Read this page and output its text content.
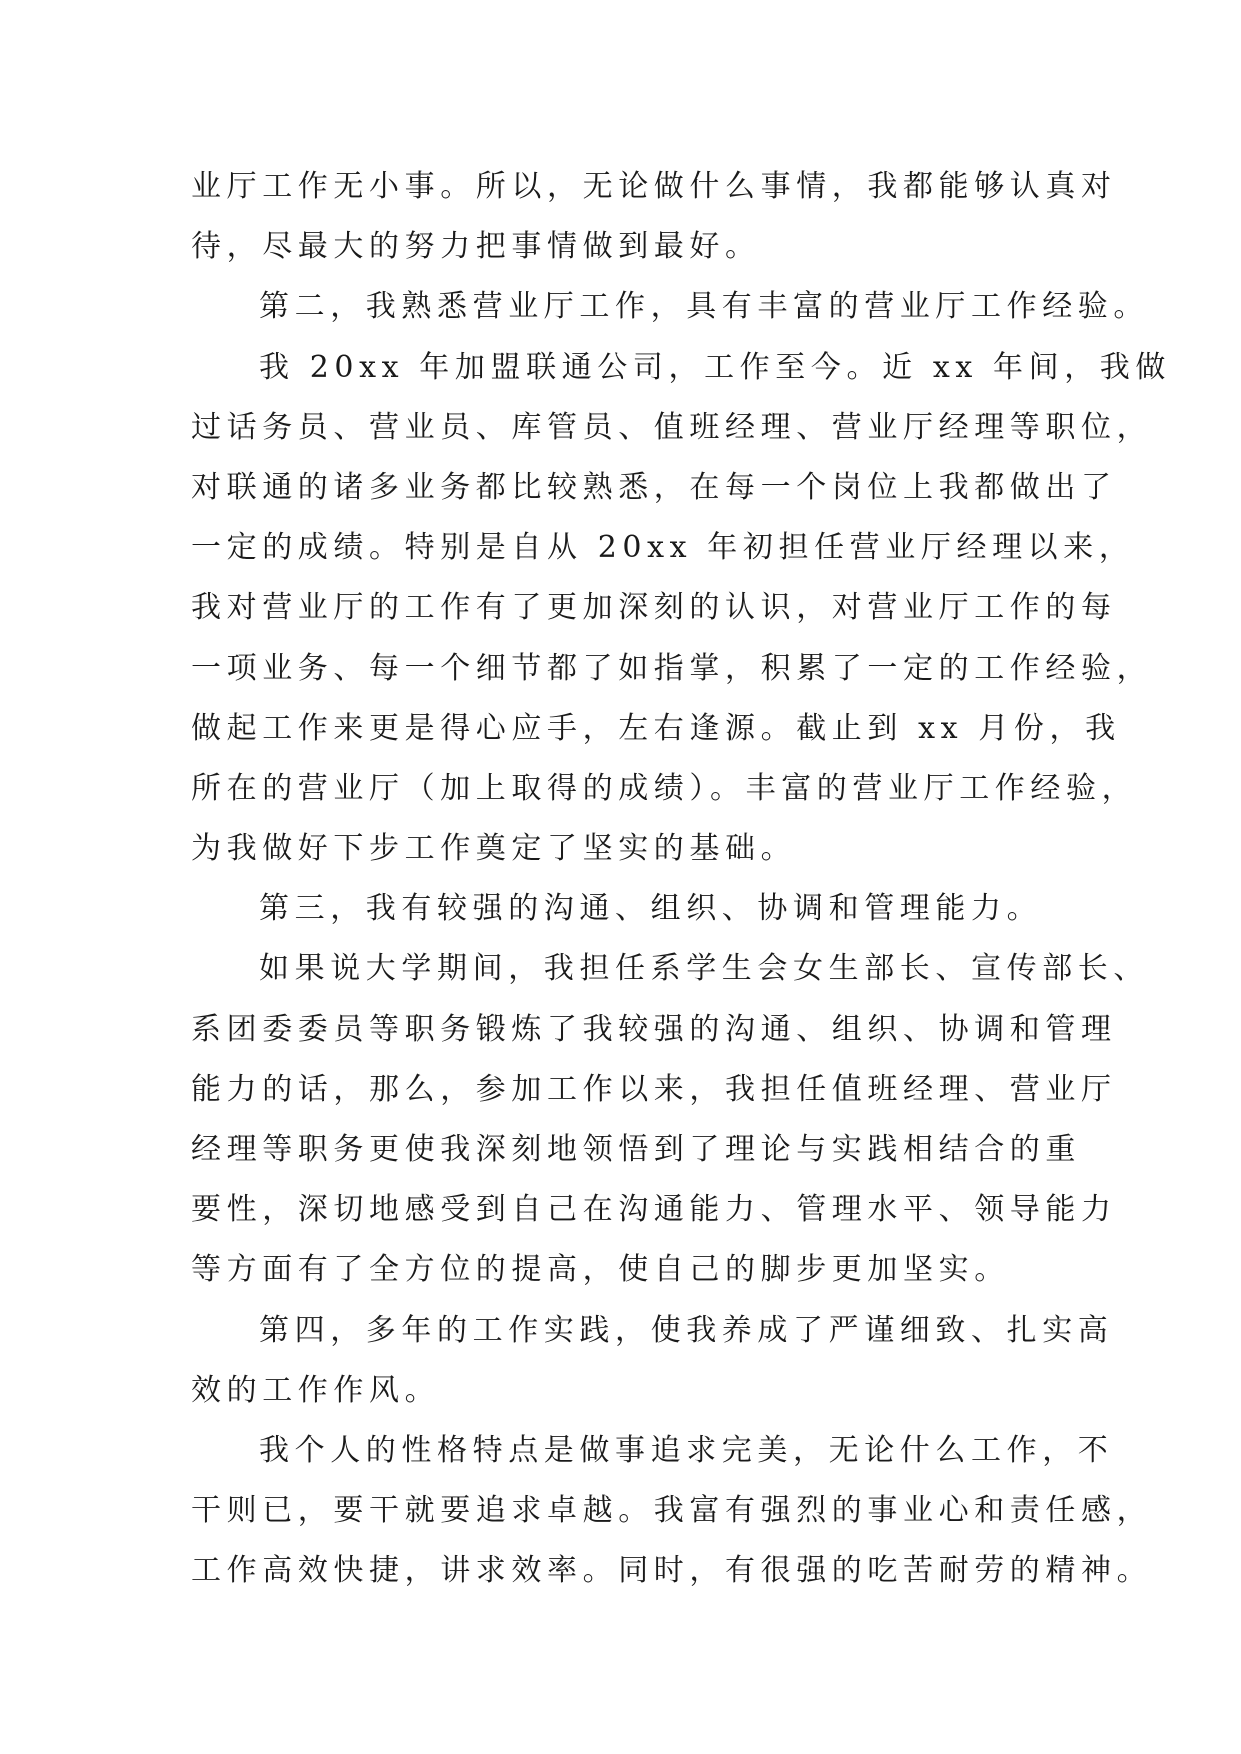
业厅工作无小事。所以，无论做什么事情，我都能够认真对
待，尽最大的努力把事情做到最好。
第二，我熟悉营业厅工作，具有丰富的营业厅工作经验。
我 20xx 年加盟联通公司，工作至今。近 xx 年间，我做
过话务员、营业员、库管员、值班经理、营业厅经理等职位，
对联通的诸多业务都比较熟悉，在每一个岗位上我都做出了
一定的成绩。特别是自从 20xx 年初担任营业厅经理以来，
我对营业厅的工作有了更加深刻的认识，对营业厅工作的每
一项业务、每一个细节都了如指掌，积累了一定的工作经验，
做起工作来更是得心应手，左右逢源。截止到 xx 月份，我
所在的营业厅（加上取得的成绩）。丰富的营业厅工作经验，
为我做好下步工作奠定了坚实的基础。
第三，我有较强的沟通、组织、协调和管理能力。
如果说大学期间，我担任系学生会女生部长、宣传部长、
系团委委员等职务锻炼了我较强的沟通、组织、协调和管理
能力的话，那么，参加工作以来，我担任值班经理、营业厅
经理等职务更使我深刻地领悟到了理论与实践相结合的重
要性，深切地感受到自己在沟通能力、管理水平、领导能力
等方面有了全方位的提高，使自己的脚步更加坚实。
第四，多年的工作实践，使我养成了严谨细致、扎实高
效的工作作风。
我个人的性格特点是做事追求完美，无论什么工作，不
干则已，要干就要追求卓越。我富有强烈的事业心和责任感，
工作高效快捷，讲求效率。同时，有很强的吃苦耐劳的精神。
